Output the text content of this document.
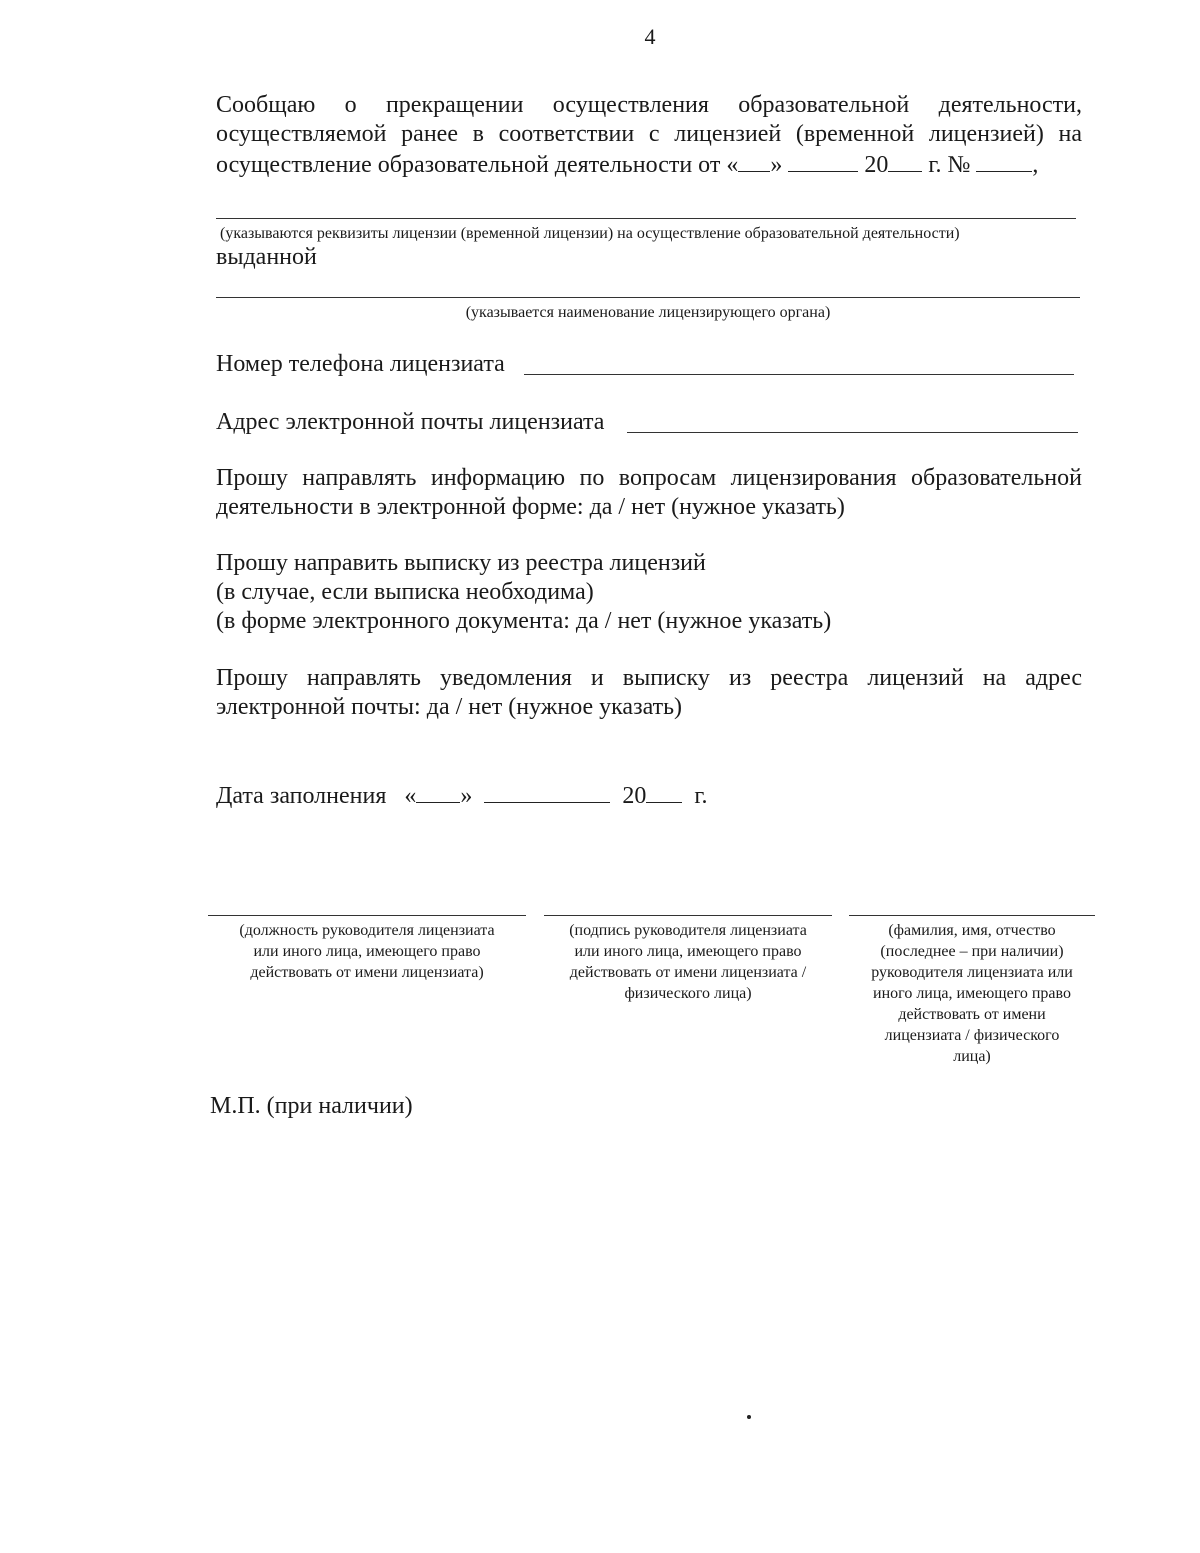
4
Сообщаю о прекращении осуществления образовательной деятельности,
осуществляемой ранее в соответствии с лицензией (временной лицензией) на
осуществление образовательной деятельности от « »	20 г. №	,
(указываются реквизиты лицензии (временной лицензии) на осуществление образовательной деятельности)
выданной
(указывается наименование лицензирующего органа)
Номер телефона лицензиата
Адрес электронной почты лицензиата
Прошу направлять информацию по вопросам лицензирования образовательной
деятельности в электронной форме: да / нет (нужное указать)
Прошу направить выписку из реестра лицензий
(в случае, если выписка необходима)
(в форме электронного документа: да / нет (нужное указать)
Прошу направлять уведомления и выписку из реестра лицензий на адрес
электронной почты: да / нет (нужное указать)
Дата заполнения « »	20 г.
(должность руководителя лицензиата
или иного лица, имеющего право
действовать от имени лицензиата)
(подпись руководителя лицензиата
или иного лица, имеющего право
действовать от имени лицензиата /
физического лица)
(фамилия, имя, отчество
(последнее – при наличии)
руководителя лицензиата или
иного лица, имеющего право
действовать от имени
лицензиата / физического
лица)
М.П. (при наличии)
